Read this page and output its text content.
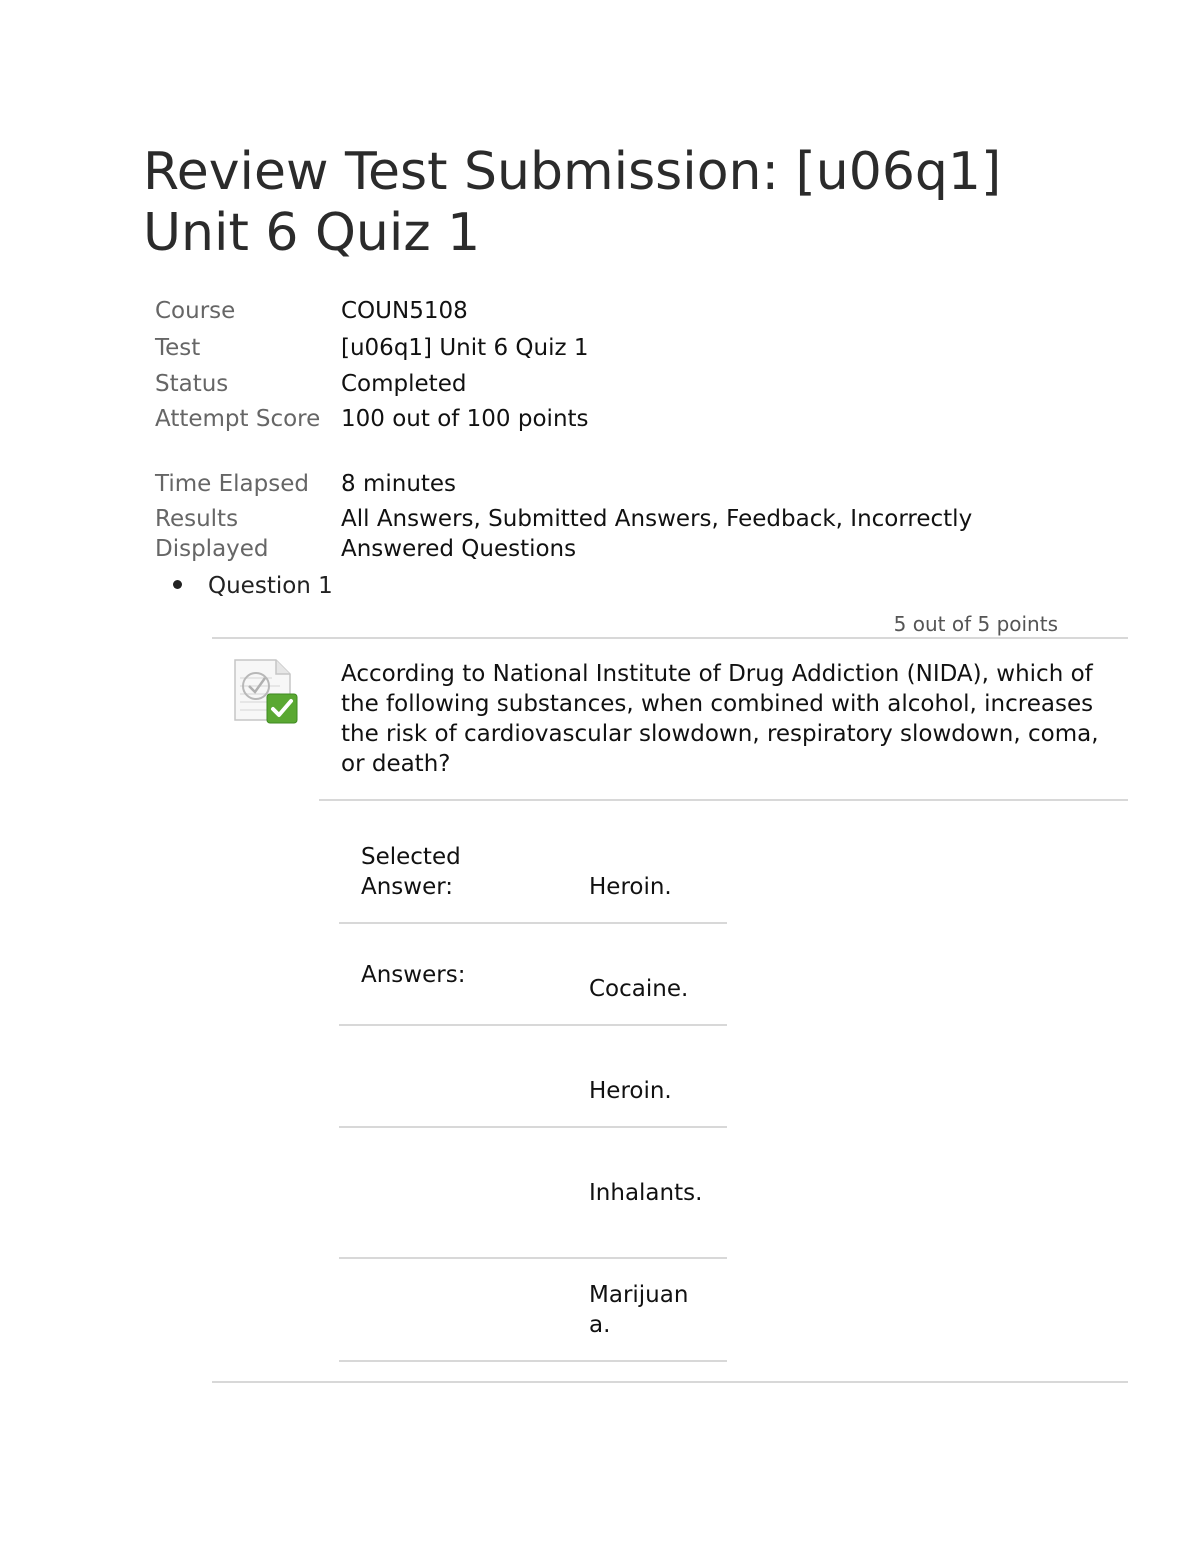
Review Test Submission: [u06q1] Unit 6 Quiz 1
Course	COUN5108
Test	[u06q1] Unit 6 Quiz 1
Status	Completed
Attempt Score	100 out of 100 points
Time Elapsed	8 minutes
Results Displayed	All Answers, Submitted Answers, Feedback, Incorrectly Answered Questions
Question 1
5 out of 5 points

According to National Institute of Drug Addiction (NIDA), which of the following substances, when combined with alcohol, increases the risk of cardiovascular slowdown, respiratory slowdown, coma, or death?

Selected Answer:	Heroin.
Answers:
Cocaine.
Heroin.
Inhalants.
Marijuana.
